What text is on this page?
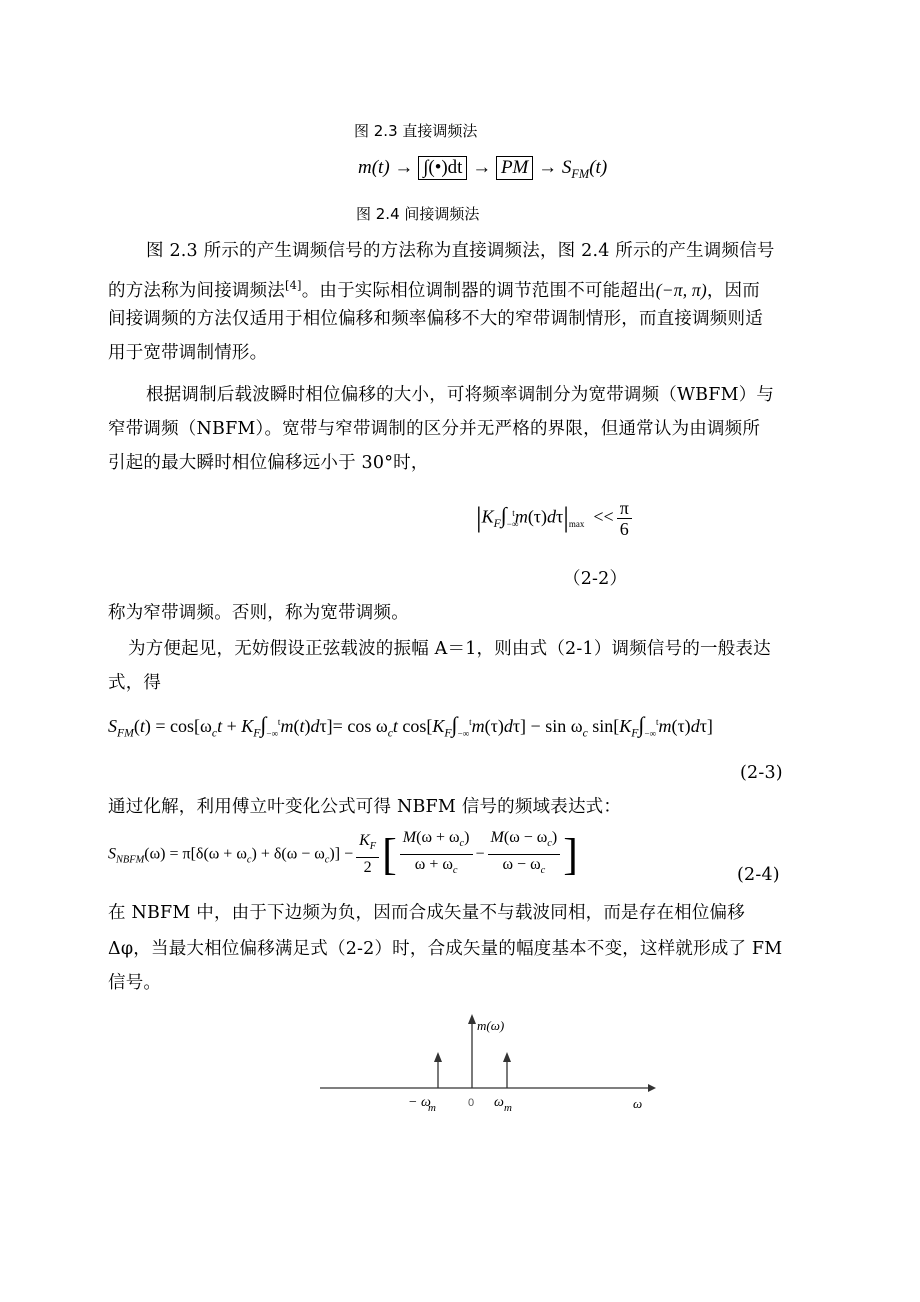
图 2.3 直接调频法
m(t) → ∫(•)dt → $\overline{PM} \to S_{FM}(t)$
图 2.4 间接调频法
图 2.3 所示的产生调频信号的方法称为直接调频法，图 2.4 所示的产生调频信号
的方法称为间接调频法[4]。由于实际相位调制器的调节范围不可能超出(−π, π)，因而
间接调频的方法仅适用于相位偏移和频率偏移不大的窄带调制情形，而直接调频则适
用于宽带调制情形。
根据调制后载波瞬时相位偏移的大小，可将频率调制分为宽带调频（WBFM）与
窄带调频（NBFM）。宽带与窄带调制的区分并无严格的界限，但通常认为由调频所
引起的最大瞬时相位偏移远小于 30°时，
$|K_F\int_{-\infty}^tm(\tau)d\tau|_{max} << \frac{\pi}{6}$
（2-2）
称为窄带调频。否则，称为宽带调频。
为方便起见，无妨假设正弦载波的振幅 A＝1，则由式（2-1）调频信号的一般表达
式，得
$S_{FM}(t) = \cos[\omega_ct + K_F\int_{-\infty}^tm(t)d\tau]= \cos \omega_ct$ $\cos[K_F\int_{-\infty}^tm(\tau)d\tau] - \sin \omega_c$ $\sin[K_F\int_{-\infty}^tm(\tau)d\tau]$
(2-3)
通过化解，利用傅立叶变化公式可得 NBFM 信号的频域表达式：
$S_{NBFM}(\omega) = \pi[\delta(\omega + \omega_c) + \delta(\omega - \omega_c)] - \frac{K_F}{2}$ [ $\frac{M(\omega + \omega_c)}{\omega + \omega_c} - \frac{M(\omega - \omega_c)}{\omega - \omega_c}$ ]	(2-4)
在 NBFM 中，由于下边频为负，因而合成矢量不与载波同相，而是存在相位偏移
Δφ，当最大相位偏移满足式（2-2）时，合成矢量的幅度基本不变，这样就形成了 FM
信号。
m(ω)
ω
− ω
m	0 ω m
